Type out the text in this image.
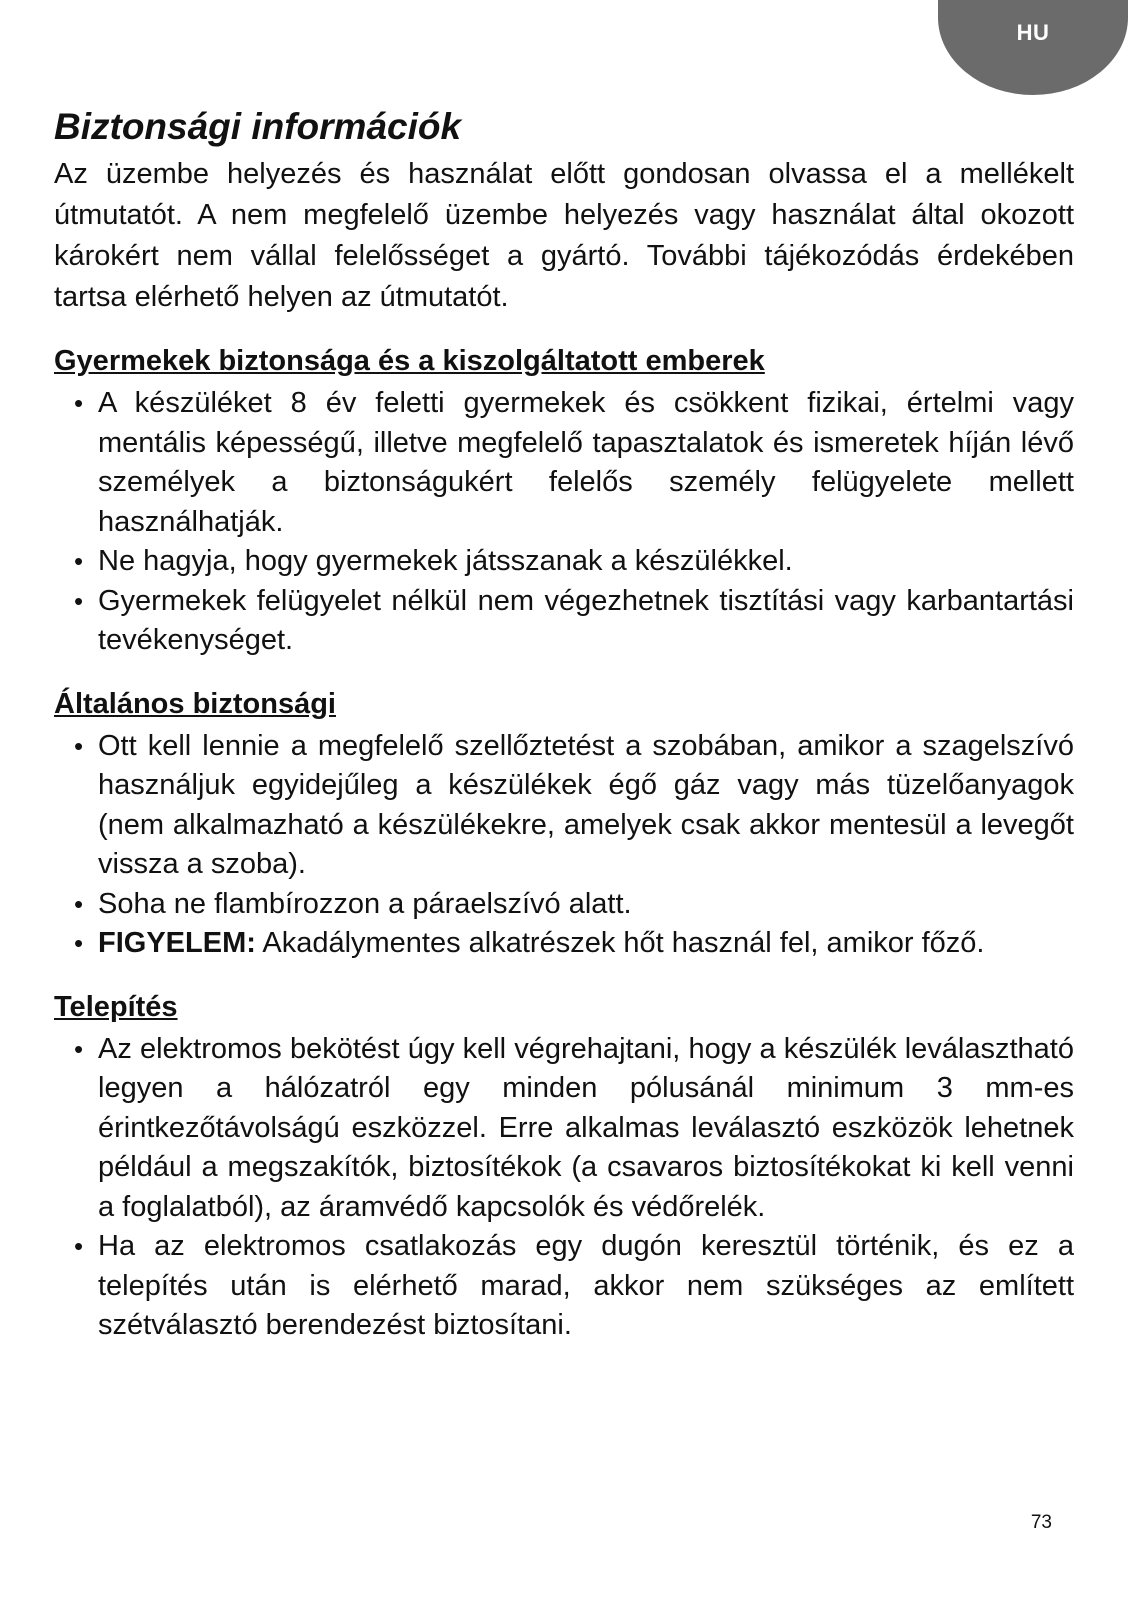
HU
Biztonsági információk

Az üzembe helyezés és használat előtt gondosan olvassa el a mellékelt útmutatót. A nem megfelelő üzembe helyezés vagy használat által okozott károkért nem vállal felelősséget a gyártó. További tájékozódás érdekében tartsa elérhető helyen az útmutatót.

Gyermekek biztonsága és a kiszolgáltatott emberek
• A készüléket 8 év feletti gyermekek és csökkent fizikai, értelmi vagy mentális képességű, illetve megfelelő tapasztalatok és ismeretek híján lévő személyek a biztonságukért felelős személy felügyelete mellett használhatják.
• Ne hagyja, hogy gyermekek játsszanak a készülékkel.
• Gyermekek felügyelet nélkül nem végezhetnek tisztítási vagy karbantartási tevékenységet.
Általános biztonsági
• Ott kell lennie a megfelelő szellőztetést a szobában, amikor a szagelszívó használjuk egyidejűleg a készülékek égő gáz vagy más tüzelőanyagok (nem alkalmazható a készülékekre, amelyek csak akkor mentesül a levegőt vissza a szoba).
• Soha ne flambírozzon a páraelszívó alatt.
• FIGYELEM: Akadálymentes alkatrészek hőt használ fel, amikor főző.
Telepítés
• Az elektromos bekötést úgy kell végrehajtani, hogy a készülék leválasztható legyen a hálózatról egy minden pólusánál minimum 3 mm-es érintkezőtávolságú eszközzel. Erre alkalmas leválasztó eszközök lehetnek például a megszakítók, biztosítékok (a csavaros biztosítékokat ki kell venni a foglalatból), az áramvédő kapcsolók és védőrelék.
• Ha az elektromos csatlakozás egy dugón keresztül történik, és ez a telepítés után is elérhető marad, akkor nem szükséges az említett szétválasztó berendezést biztosítani.
73
